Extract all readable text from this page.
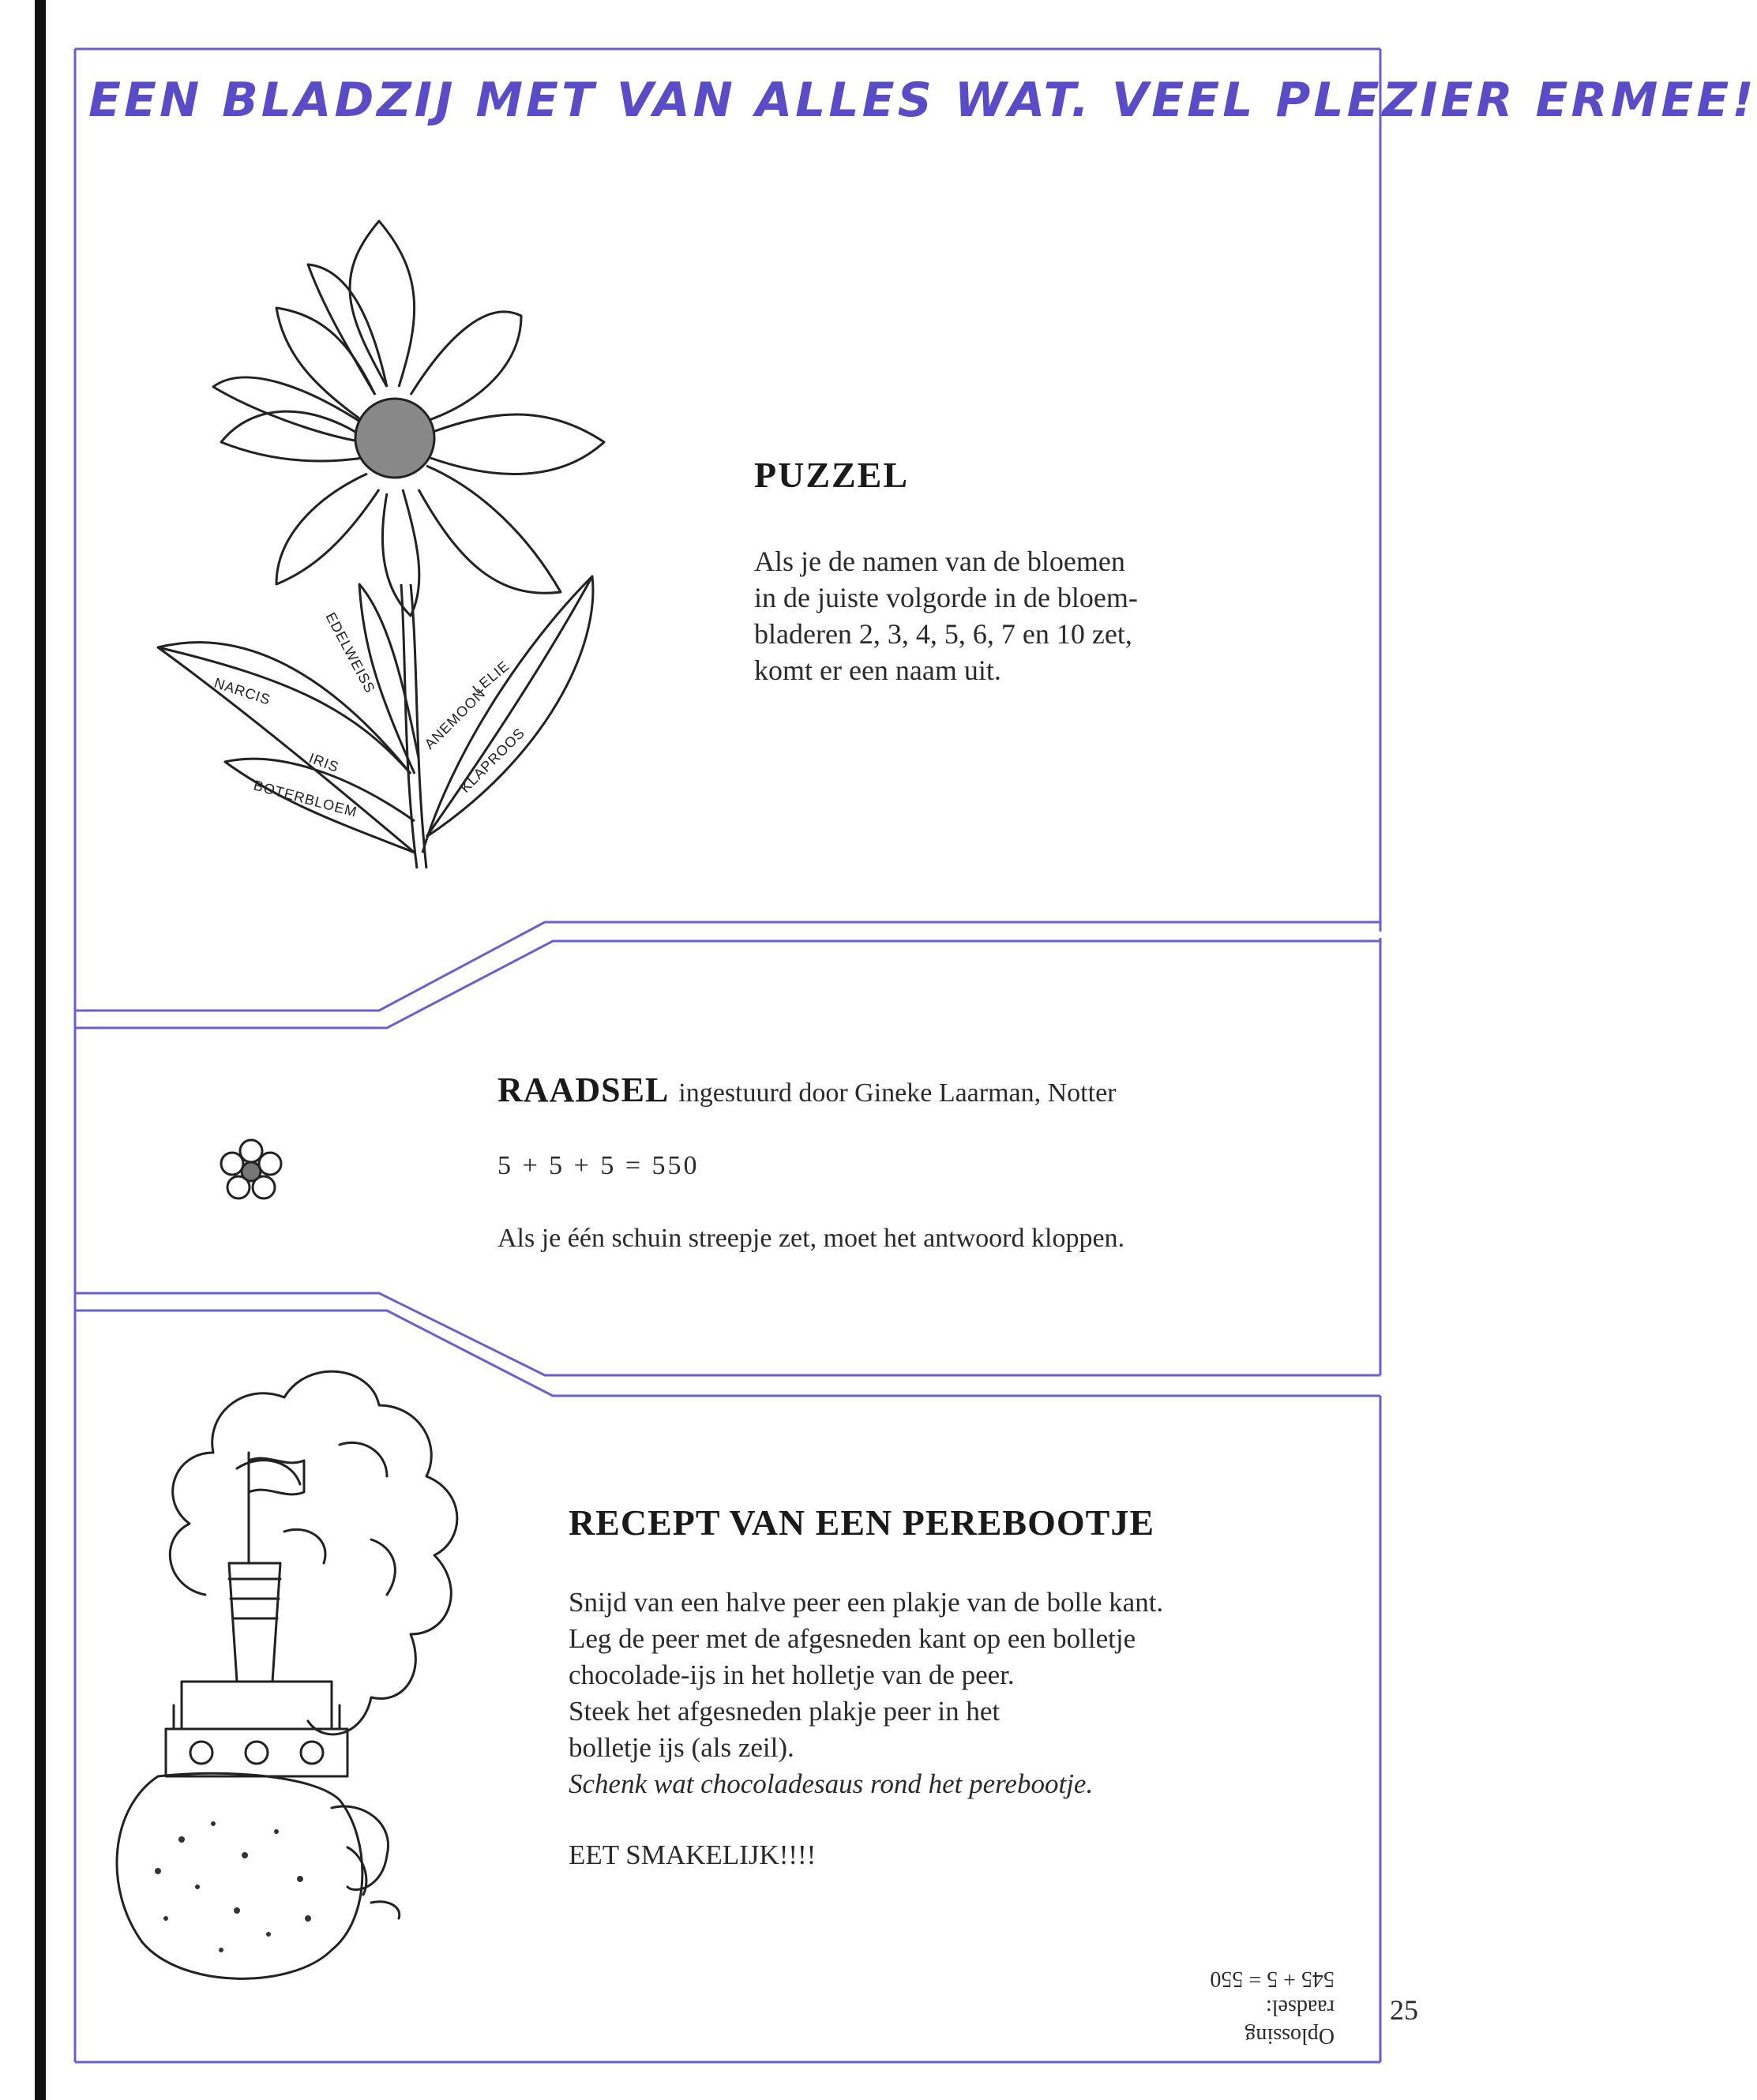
EEN BLADZIJ MET VAN ALLES WAT. VEEL PLEZIER ERMEE!
NARCIS
IRIS
BOTERBLOEM
EDELWEISS	LELIE
ANEMOON
KLAPROOS
PUZZEL
Als je de namen van de bloemen
in de juiste volgorde in de bloem-
bladeren 2, 3, 4, 5, 6, 7 en 10 zet,
komt er een naam uit.
RAADSEL ingestuurd door Gineke Laarman, Notter
5 + 5 + 5 = 550
Als je één schuin streepje zet, moet het antwoord kloppen.
RECEPT VAN EEN PEREBOOTJE
Snijd van een halve peer een plakje van de bolle kant.
Leg de peer met de afgesneden kant op een bolletje
chocolade-ijs in het holletje van de peer.
Steek het afgesneden plakje peer in het
bolletje ijs (als zeil).
Schenk wat chocoladesaus rond het perebootje.
EET SMAKELIJK!!!!
Oplossing raadsel:
545 + 5 = 550
25
